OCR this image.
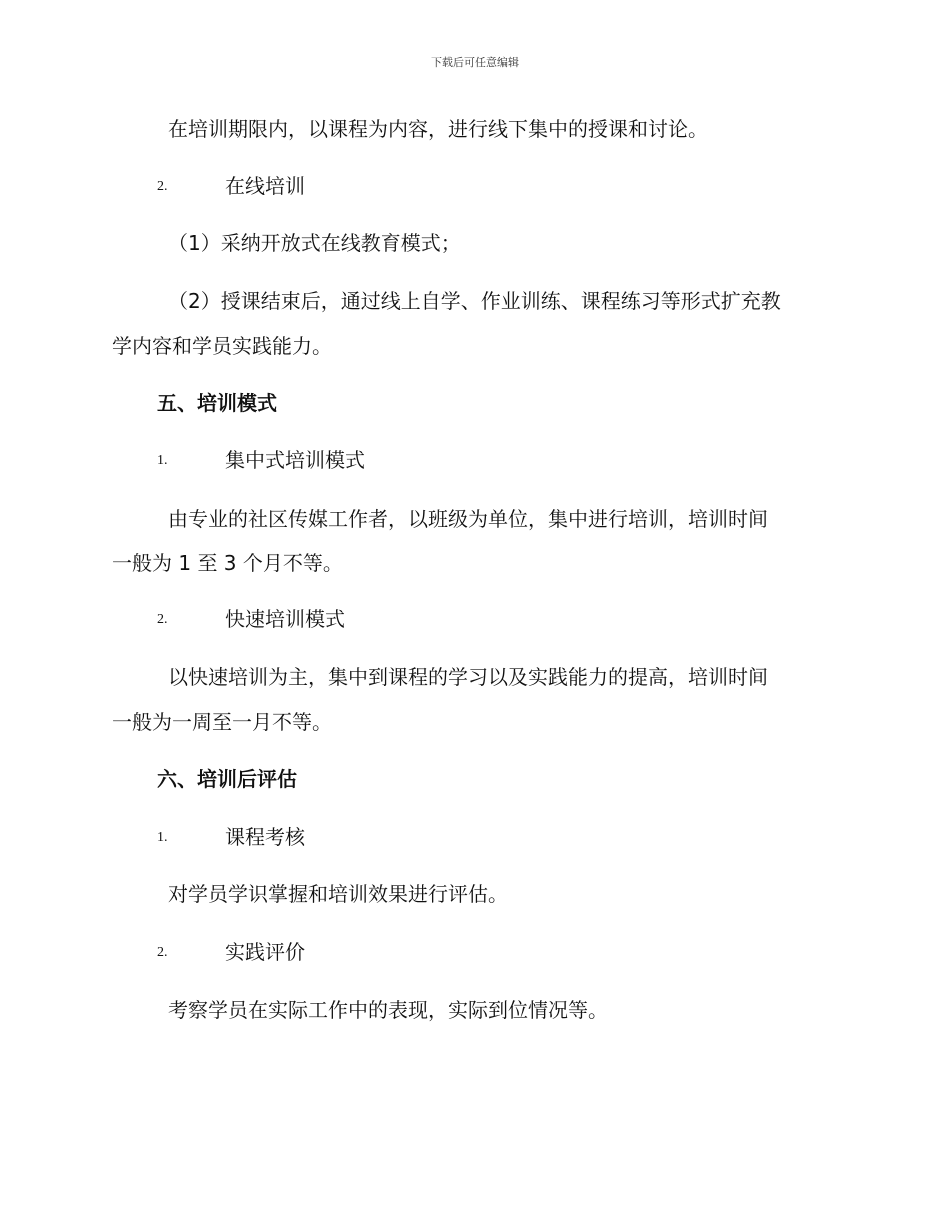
下载后可任意编辑
在培训期限内，以课程为内容，进行线下集中的授课和讨论。
2.	在线培训
（1）采纳开放式在线教育模式；
（2）授课结束后，通过线上自学、作业训练、课程练习等形式扩充教
学内容和学员实践能力。
五、培训模式
1.	集中式培训模式
由专业的社区传媒工作者，以班级为单位，集中进行培训，培训时间
一般为 1 至 3 个月不等。
2.	快速培训模式
以快速培训为主，集中到课程的学习以及实践能力的提高，培训时间
一般为一周至一月不等。
六、培训后评估
1.	课程考核
对学员学识掌握和培训效果进行评估。
2.	实践评价
考察学员在实际工作中的表现，实际到位情况等。
